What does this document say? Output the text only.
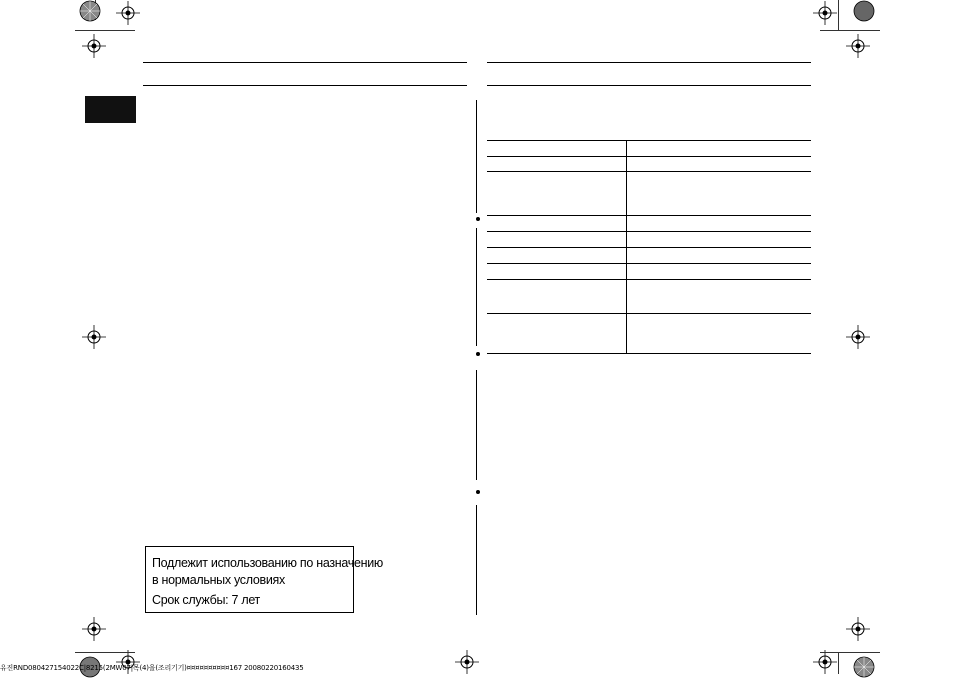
Подлежит использованию по назначению
в нормальных условиях
Срок службы: 7 лет
유진RND080427154022C|8215(2MW07|목(4)을(조리기기)¤¤¤¤¤¤¤¤¤¤167 20080220160435
